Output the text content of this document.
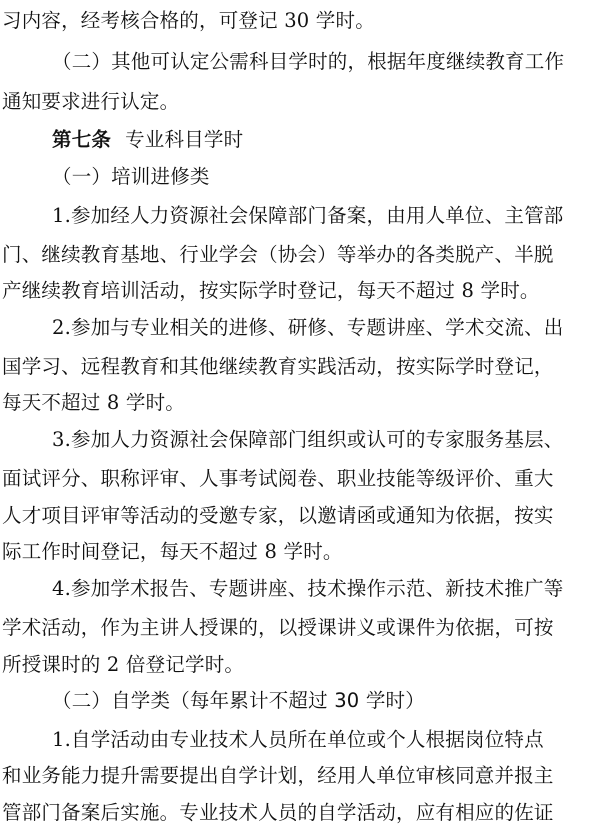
习内容，经考核合格的，可登记 30 学时。
（二）其他可认定公需科目学时的，根据年度继续教育工作
通知要求进行认定。
第七条 专业科目学时
（一）培训进修类
1.参加经人力资源社会保障部门备案，由用人单位、主管部
门、继续教育基地、行业学会（协会）等举办的各类脱产、半脱
产继续教育培训活动，按实际学时登记，每天不超过 8 学时。
2.参加与专业相关的进修、研修、专题讲座、学术交流、出
国学习、远程教育和其他继续教育实践活动，按实际学时登记，
每天不超过 8 学时。
3.参加人力资源社会保障部门组织或认可的专家服务基层、
面试评分、职称评审、人事考试阅卷、职业技能等级评价、重大
人才项目评审等活动的受邀专家，以邀请函或通知为依据，按实
际工作时间登记，每天不超过 8 学时。
4.参加学术报告、专题讲座、技术操作示范、新技术推广等
学术活动，作为主讲人授课的，以授课讲义或课件为依据，可按
所授课时的 2 倍登记学时。
（二）自学类（每年累计不超过 30 学时）
1.自学活动由专业技术人员所在单位或个人根据岗位特点
和业务能力提升需要提出自学计划，经用人单位审核同意并报主
管部门备案后实施。专业技术人员的自学活动，应有相应的佐证
